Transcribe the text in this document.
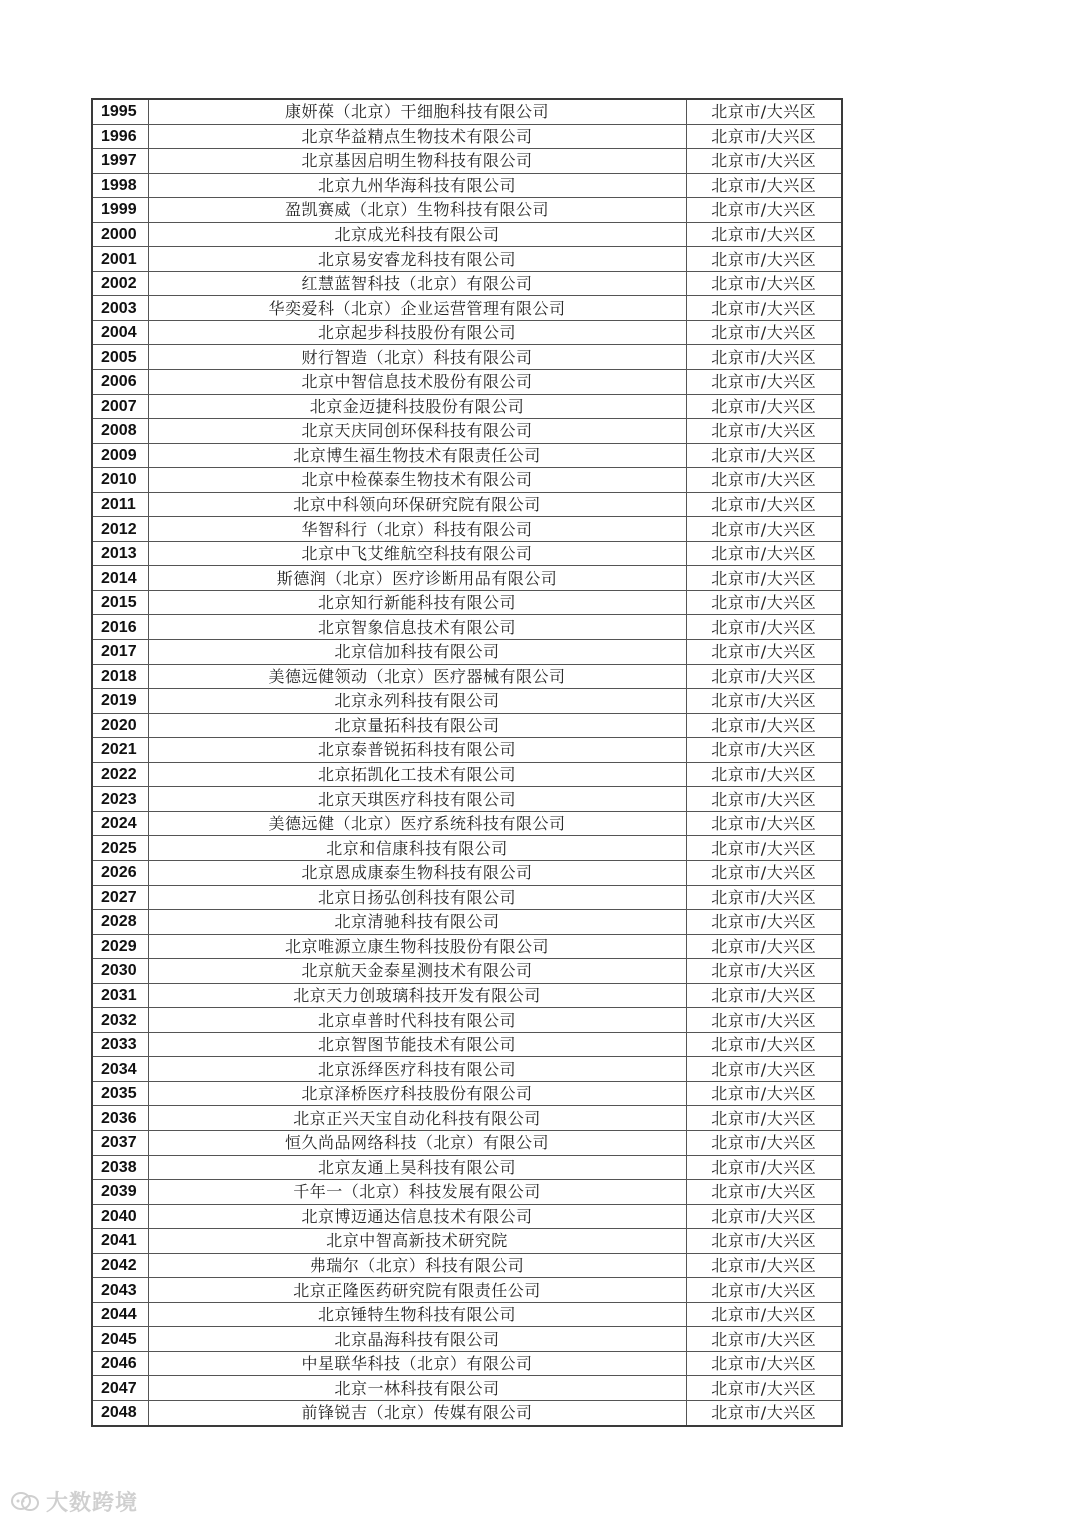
1995	康妍葆（北京）干细胞科技有限公司	北京市/大兴区
1996	北京华益精点生物技术有限公司	北京市/大兴区
1997	北京基因启明生物科技有限公司	北京市/大兴区
1998	北京九州华海科技有限公司	北京市/大兴区
1999	盈凯赛威（北京）生物科技有限公司	北京市/大兴区
2000	北京成光科技有限公司	北京市/大兴区
2001	北京易安睿龙科技有限公司	北京市/大兴区
2002	红慧蓝智科技（北京）有限公司	北京市/大兴区
2003	华奕爱科（北京）企业运营管理有限公司	北京市/大兴区
2004	北京起步科技股份有限公司	北京市/大兴区
2005	财行智造（北京）科技有限公司	北京市/大兴区
2006	北京中智信息技术股份有限公司	北京市/大兴区
2007	北京金迈捷科技股份有限公司	北京市/大兴区
2008	北京天庆同创环保科技有限公司	北京市/大兴区
2009	北京博生福生物技术有限责任公司	北京市/大兴区
2010	北京中检葆泰生物技术有限公司	北京市/大兴区
2011	北京中科领向环保研究院有限公司	北京市/大兴区
2012	华智科行（北京）科技有限公司	北京市/大兴区
2013	北京中飞艾维航空科技有限公司	北京市/大兴区
2014	斯德润（北京）医疗诊断用品有限公司	北京市/大兴区
2015	北京知行新能科技有限公司	北京市/大兴区
2016	北京智象信息技术有限公司	北京市/大兴区
2017	北京信加科技有限公司	北京市/大兴区
2018	美德远健领动（北京）医疗器械有限公司	北京市/大兴区
2019	北京永列科技有限公司	北京市/大兴区
2020	北京量拓科技有限公司	北京市/大兴区
2021	北京泰普锐拓科技有限公司	北京市/大兴区
2022	北京拓凯化工技术有限公司	北京市/大兴区
2023	北京天琪医疗科技有限公司	北京市/大兴区
2024	美德远健（北京）医疗系统科技有限公司	北京市/大兴区
2025	北京和信康科技有限公司	北京市/大兴区
2026	北京恩成康泰生物科技有限公司	北京市/大兴区
2027	北京日扬弘创科技有限公司	北京市/大兴区
2028	北京清驰科技有限公司	北京市/大兴区
2029	北京唯源立康生物科技股份有限公司	北京市/大兴区
2030	北京航天金泰星测技术有限公司	北京市/大兴区
2031	北京天力创玻璃科技开发有限公司	北京市/大兴区
2032	北京卓普时代科技有限公司	北京市/大兴区
2033	北京智图节能技术有限公司	北京市/大兴区
2034	北京泺绎医疗科技有限公司	北京市/大兴区
2035	北京泽桥医疗科技股份有限公司	北京市/大兴区
2036	北京正兴天宝自动化科技有限公司	北京市/大兴区
2037	恒久尚品网络科技（北京）有限公司	北京市/大兴区
2038	北京友通上昊科技有限公司	北京市/大兴区
2039	千年一（北京）科技发展有限公司	北京市/大兴区
2040	北京博迈通达信息技术有限公司	北京市/大兴区
2041	北京中智高新技术研究院	北京市/大兴区
2042	弗瑞尔（北京）科技有限公司	北京市/大兴区
2043	北京正隆医药研究院有限责任公司	北京市/大兴区
2044	北京锤特生物科技有限公司	北京市/大兴区
2045	北京晶海科技有限公司	北京市/大兴区
2046	中星联华科技（北京）有限公司	北京市/大兴区
2047	北京一林科技有限公司	北京市/大兴区
2048	前锋锐吉（北京）传媒有限公司	北京市/大兴区
大数跨境
